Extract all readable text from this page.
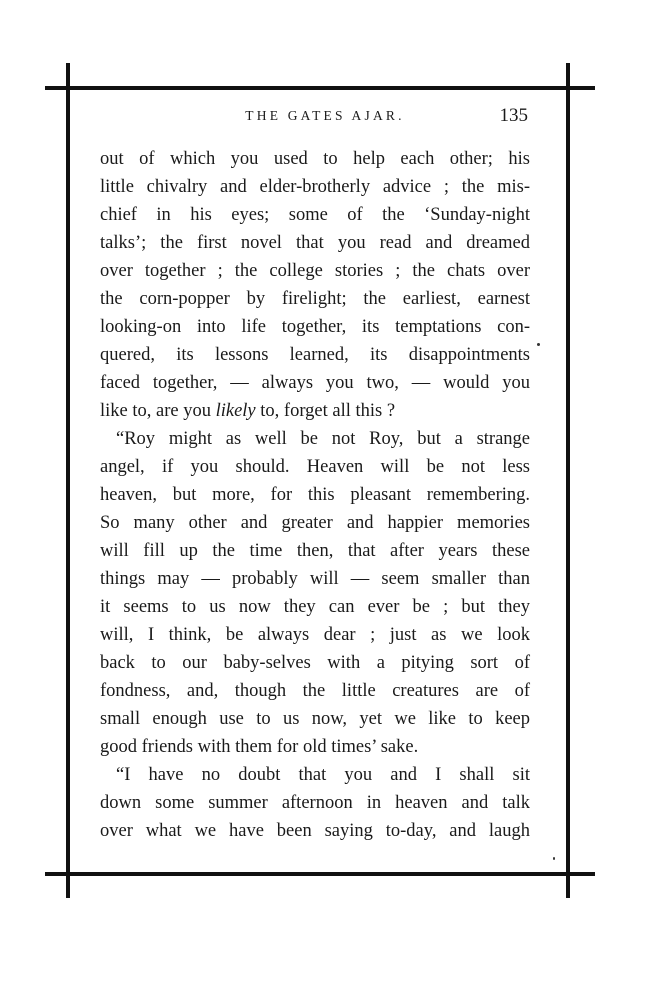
THE GATES AJAR.	135
out of which you used to help each other; his
little chivalry and elder-brotherly advice ; the mis-
chief in his eyes; some of the ‘Sunday-night
talks’; the first novel that you read and dreamed
over together ; the college stories ; the chats over
the corn-popper by firelight; the earliest, earnest
looking-on into life together, its temptations con-
quered, its lessons learned, its disappointments
faced together, — always you two, — would you
like to, are you likely to, forget all this ?
“Roy might as well be not Roy, but a strange
angel, if you should. Heaven will be not less
heaven, but more, for this pleasant remembering.
So many other and greater and happier memories
will fill up the time then, that after years these
things may — probably will — seem smaller than
it seems to us now they can ever be ; but they
will, I think, be always dear ; just as we look
back to our baby-selves with a pitying sort of
fondness, and, though the little creatures are of
small enough use to us now, yet we like to keep
good friends with them for old times’ sake.
“I have no doubt that you and I shall sit
down some summer afternoon in heaven and talk
over what we have been saying to-day, and laugh
